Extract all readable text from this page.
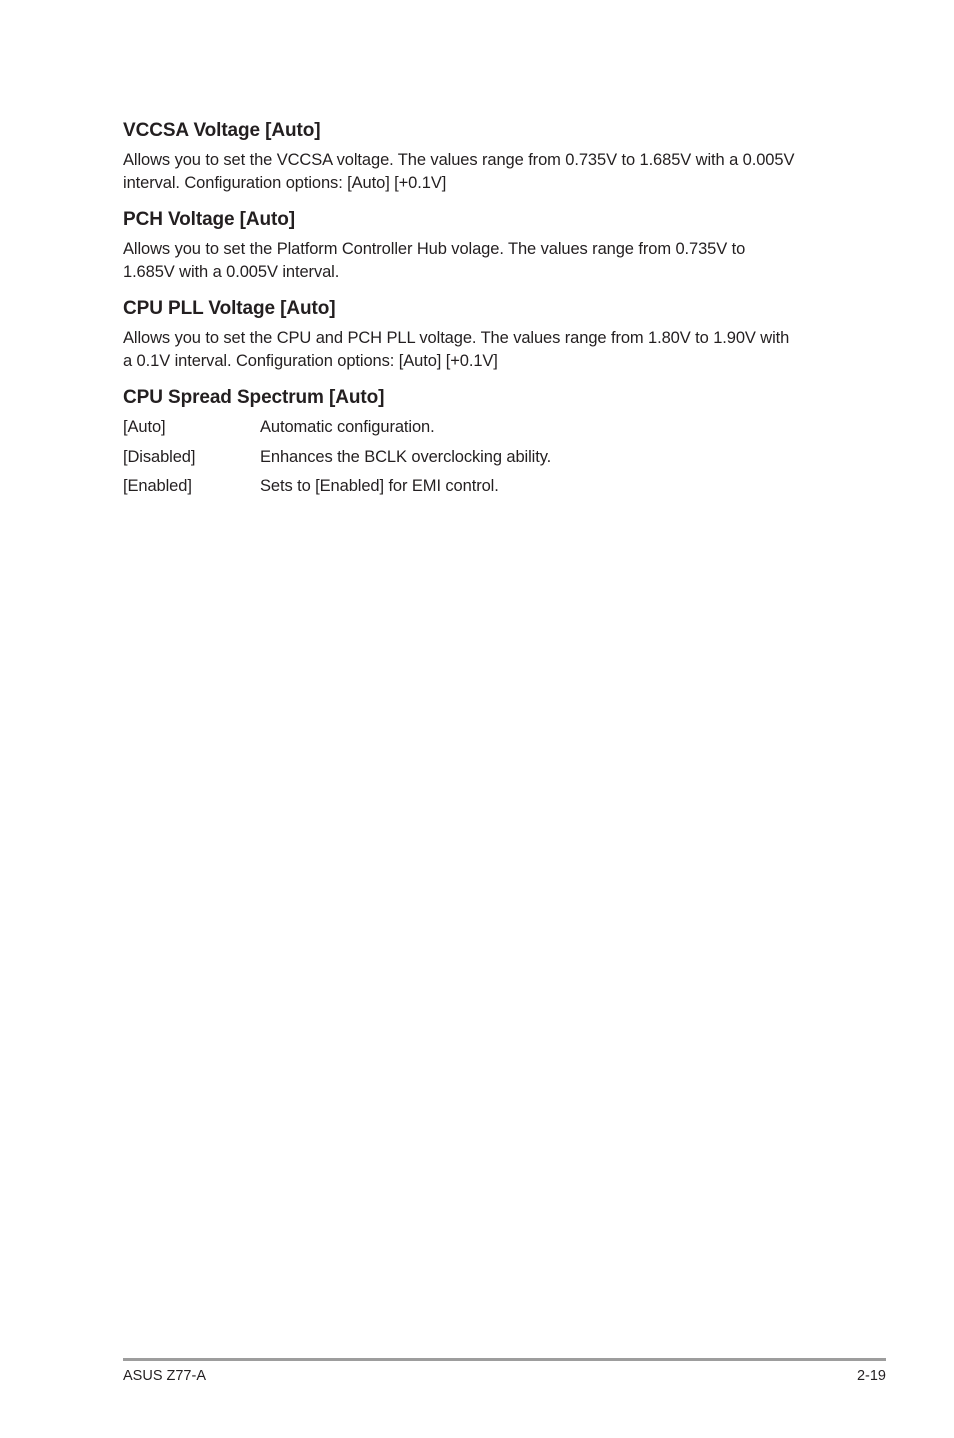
VCCSA Voltage [Auto]

Allows you to set the VCCSA voltage. The values range from 0.735V to 1.685V with a 0.005V
interval. Configuration options: [Auto] [+0.1V]

PCH Voltage [Auto]

Allows you to set the Platform Controller Hub volage. The values range from 0.735V to
1.685V with a 0.005V interval.

CPU PLL Voltage [Auto]

Allows you to set the CPU and PCH PLL voltage. The values range from 1.80V to 1.90V with
a 0.1V interval. Configuration options: [Auto] [+0.1V]

CPU Spread Spectrum [Auto]
[Auto]	Automatic configuration.
[Disabled]	Enhances the BCLK overclocking ability.
[Enabled]	Sets to [Enabled] for EMI control.
ASUS Z77-A	2-19
